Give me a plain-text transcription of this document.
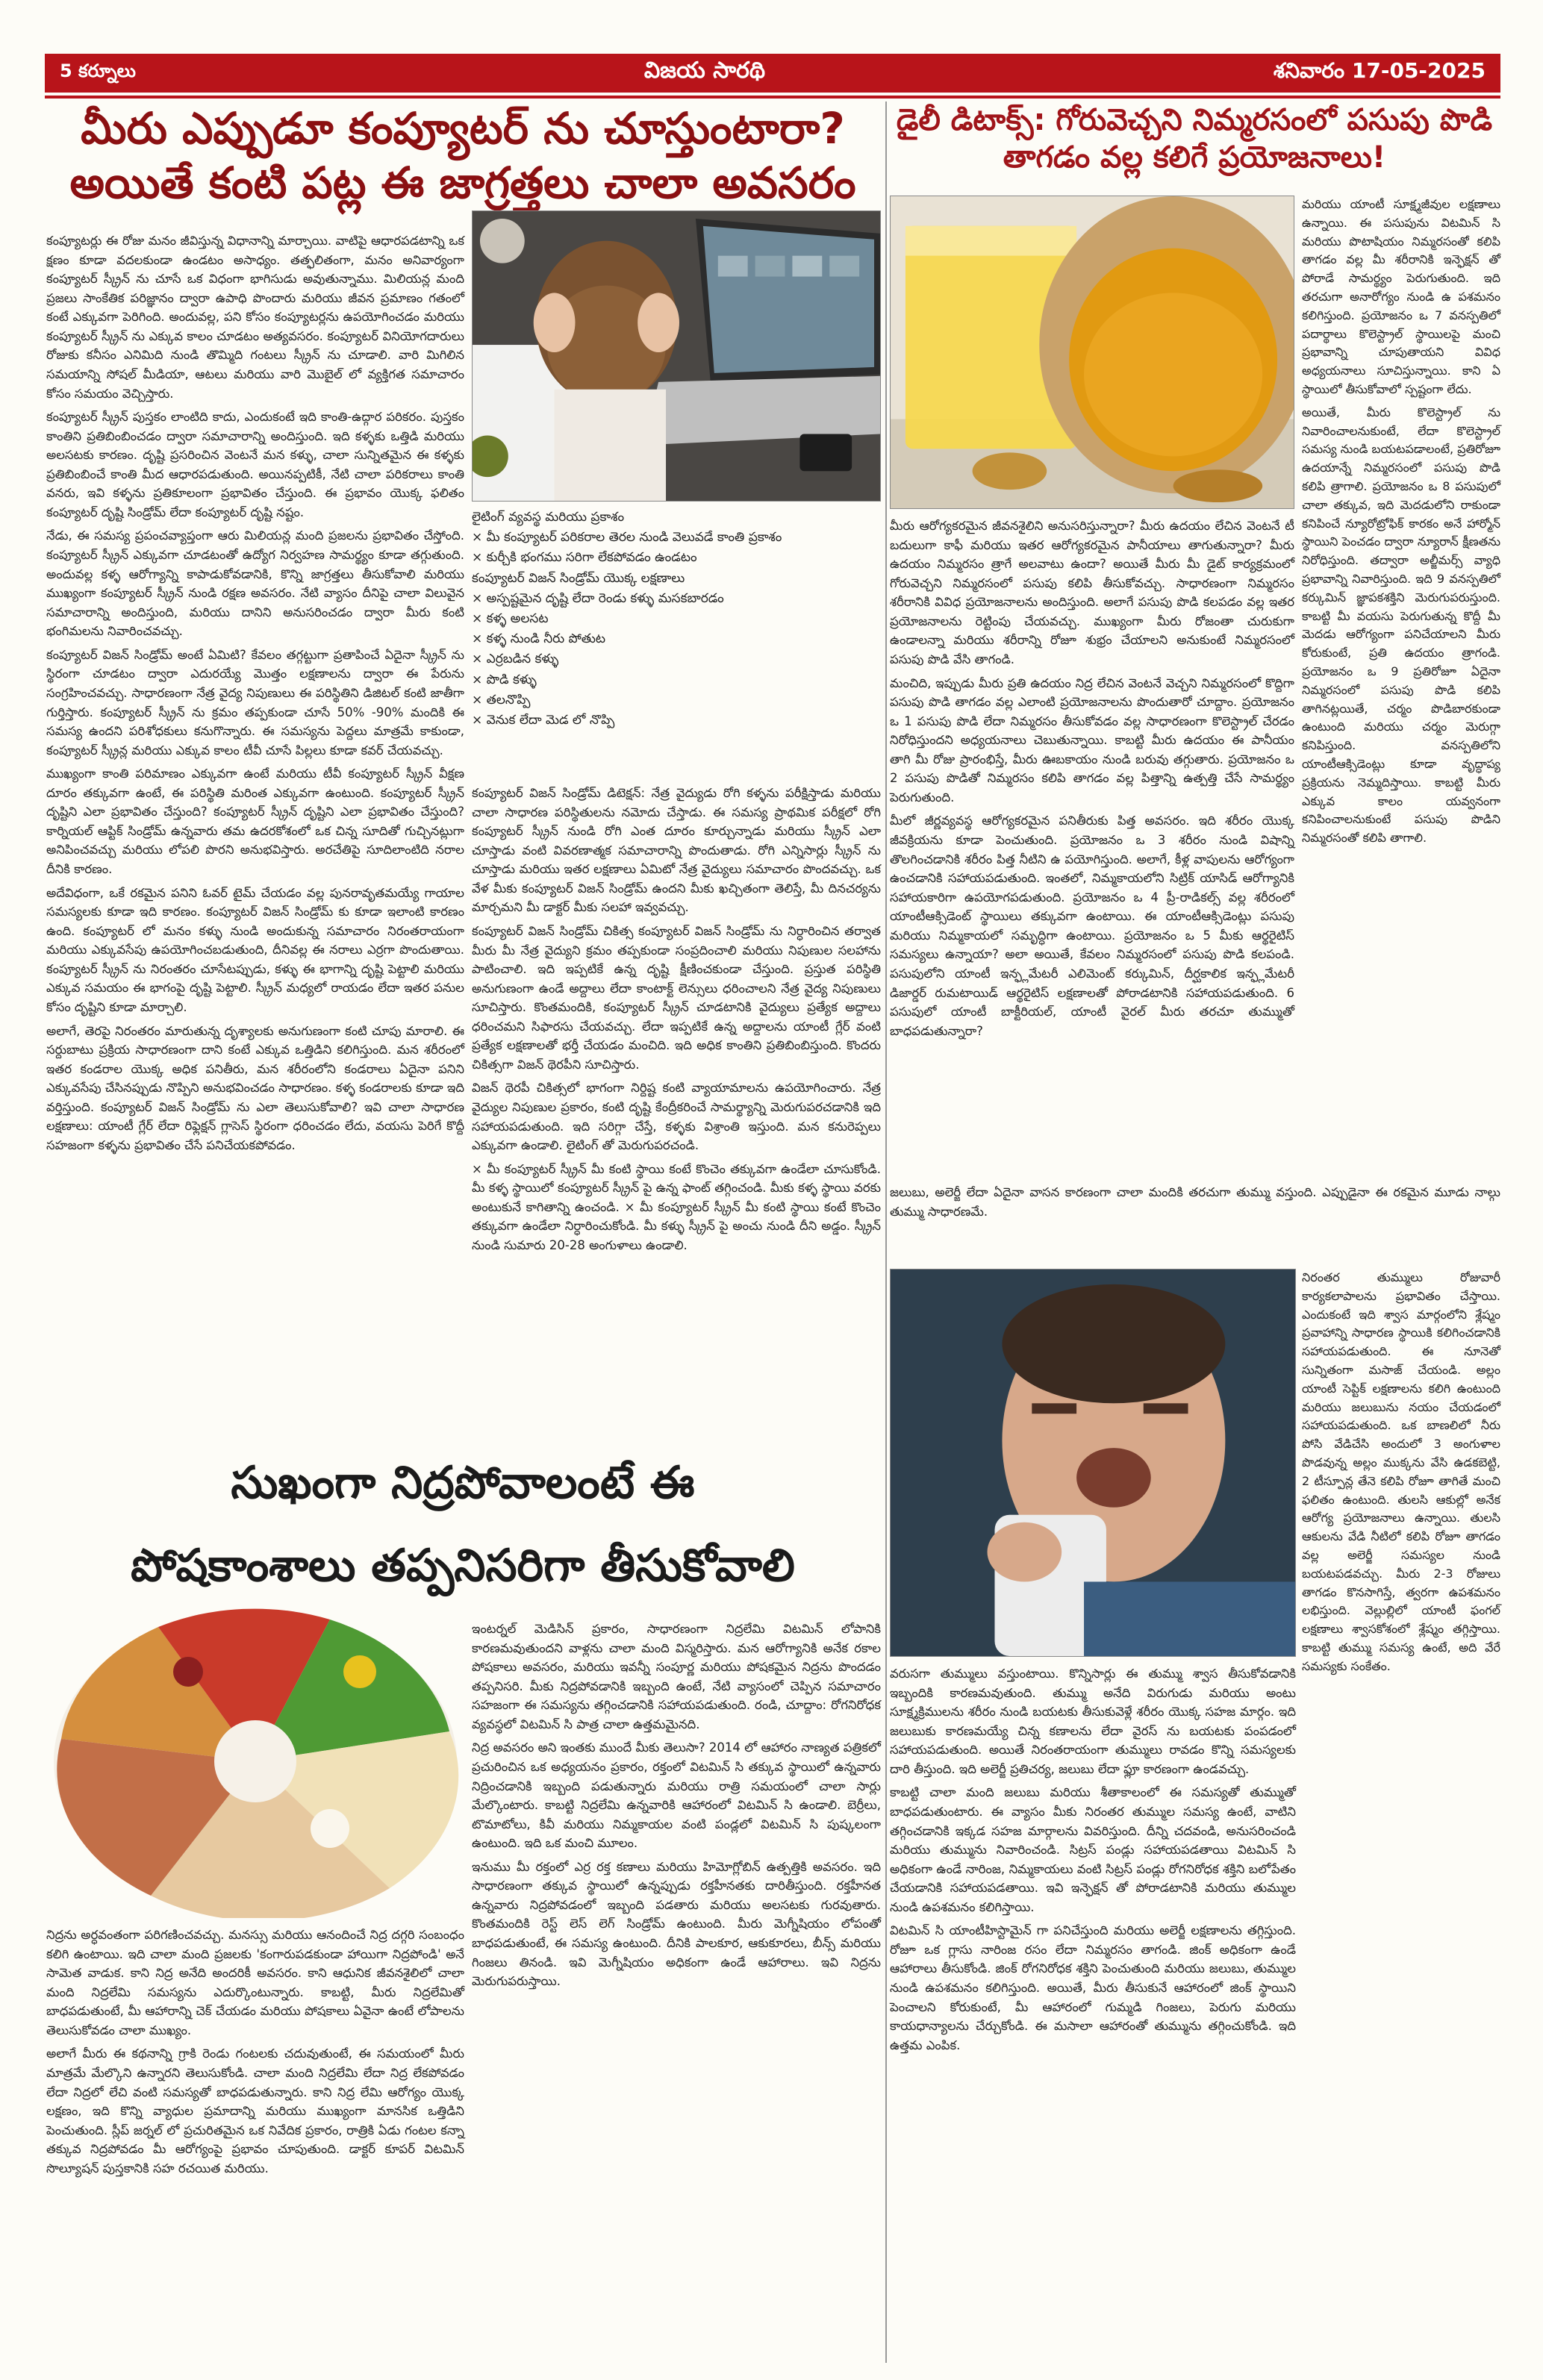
5 కర్నూలు	విజయ సారథి	శనివారం 17-05-2025
మీరు ఎప్పుడూ కంప్యూటర్ ను చూస్తుంటారా? అయితే కంటి పట్ల ఈ జాగ్రత్తలు చాలా అవసరం
డైలీ డిటాక్స్: గోరువెచ్చని నిమ్మరసంలో పసుపు పొడి తాగడం వల్ల కలిగే ప్రయోజనాలు!

కంప్యూటర్లు ఈ రోజు మనం జీవిస్తున్న విధానాన్ని మార్చాయి. వాటిపై ఆధారపడటాన్ని ఒక క్షణం కూడా వదలకుండా ఉండటం అసాధ్యం. తత్ఫలితంగా, మనం అనివార్యంగా కంప్యూటర్ స్క్రీన్ ను చూసే ఒక విధంగా భాగిసుడు అవుతున్నాము. మిలియన్ల మంది ప్రజలు సాంకేతిక పరిజ్ఞానం ద్వారా ఉపాధి పొందారు మరియు జీవన ప్రమాణం గతంలో కంటే ఎక్కువగా పెరిగింది. అందువల్ల, పని కోసం కంప్యూటర్లను ఉపయోగించడం మరియు కంప్యూటర్ స్క్రీన్ ను ఎక్కువ కాలం చూడటం అత్యవసరం. కంప్యూటర్ వినియోగదారులు రోజుకు కనీసం ఎనిమిది నుండి తొమ్మిది గంటలు స్క్రీన్ ను చూడాలి. వారి మిగిలిన సమయాన్ని సోషల్ మీడియా, ఆటలు మరియు వారి మొబైల్ లో వ్యక్తిగత సమాచారం కోసం సమయం వెచ్చిస్తారు.

కంప్యూటర్ స్క్రీన్ పుస్తకం లాంటిది కాదు, ఎందుకంటే ఇది కాంతి-ఉద్గార పరికరం. పుస్తకం కాంతిని ప్రతిబింబించడం ద్వారా సమాచారాన్ని అందిస్తుంది. ఇది కళ్ళకు ఒత్తిడి మరియు అలసటకు కారణం. దృష్టి ప్రసరించిన వెంటనే మన కళ్ళు, చాలా సున్నితమైన ఈ కళ్ళకు ప్రతిబింబించే కాంతి మీద ఆధారపడుతుంది. అయినప్పటికీ, నేటి చాలా పరికరాలు కాంతి వనరు, ఇవి కళ్ళను ప్రతికూలంగా ప్రభావితం చేస్తుంది. ఈ ప్రభావం యొక్క ఫలితం కంప్యూటర్ దృష్టి సిండ్రోమ్ లేదా కంప్యూటర్ దృష్టి నష్టం.

నేడు, ఈ సమస్య ప్రపంచవ్యాప్తంగా ఆరు మిలియన్ల మంది ప్రజలను ప్రభావితం చేస్తోంది. కంప్యూటర్ స్క్రీన్ ఎక్కువగా చూడటంతో ఉద్యోగ నిర్వహణ సామర్థ్యం కూడా తగ్గుతుంది. అందువల్ల కళ్ళ ఆరోగ్యాన్ని కాపాడుకోవడానికి, కొన్ని జాగ్రత్తలు తీసుకోవాలి మరియు ముఖ్యంగా కంప్యూటర్ స్క్రీన్ నుండి రక్షణ అవసరం. నేటి వ్యాసం దీనిపై చాలా విలువైన సమాచారాన్ని అందిస్తుంది, మరియు దానిని అనుసరించడం ద్వారా మీరు కంటి భంగిమలను నివారించవచ్చు.

కంప్యూటర్ విజన్ సిండ్రోమ్ అంటే ఏమిటి? కేవలం తగ్గట్టుగా ప్రతాపించే ఏదైనా స్క్రీన్ ను స్థిరంగా చూడటం ద్వారా ఎదురయ్యే మొత్తం లక్షణాలను ద్వారా ఈ పేరును సంగ్రహించవచ్చు. సాధారణంగా నేత్ర వైద్య నిపుణులు ఈ పరిస్థితిని డిజిటల్ కంటి జాతీగా గుర్తిస్తారు. కంప్యూటర్ స్క్రీన్ ను క్రమం తప్పకుండా చూసే 50% -90% మందికి ఈ సమస్య ఉందని పరిశోధకులు కనుగొన్నారు. ఈ సమస్యను పెద్దలు మాత్రమే కాకుండా, కంప్యూటర్ స్క్రీన్ల మరియు ఎక్కువ కాలం టీవీ చూసే పిల్లలు కూడా కవర్ చేయవచ్చు.

ముఖ్యంగా కాంతి పరిమాణం ఎక్కువగా ఉంటే మరియు టీవీ కంప్యూటర్ స్క్రీన్ వీక్షణ దూరం తక్కువగా ఉంటే, ఈ పరిస్థితి మరింత ఎక్కువగా ఉంటుంది. కంప్యూటర్ స్క్రీన్ దృష్టిని ఎలా ప్రభావితం చేస్తుంది? కంప్యూటర్ స్క్రీన్ దృష్టిని ఎలా ప్రభావితం చేస్తుంది? కార్నియల్ ఆప్టిక్ సిండ్రోమ్ ఉన్నవారు తమ ఉదరకోశంలో ఒక చిన్న సూదితో గుచ్చినట్లుగా అనిపించవచ్చు మరియు లోపలి పొరని అనుభవిస్తారు. అరచేతిపై సూదిలాంటిది నరాల దీనికి కారణం.

అదేవిధంగా, ఒకే రకమైన పనిని ఓవర్ టైమ్ చేయడం వల్ల పునరావృతమయ్యే గాయాల సమస్యలకు కూడా ఇది కారణం. కంప్యూటర్ విజన్ సిండ్రోమ్ కు కూడా ఇలాంటి కారణం ఉంది. కంప్యూటర్ లో మనం కళ్ళు నుండి అందుకున్న సమాచారం నిరంతరాయంగా మరియు ఎక్కువసేపు ఉపయోగించబడుతుంది, దీనివల్ల ఈ నరాలు ఎర్రగా పొందుతాయి. కంప్యూటర్ స్క్రీన్ ను నిరంతరం చూసేటప్పుడు, కళ్ళు ఈ భాగాన్ని దృష్టి పెట్టాలి మరియు ఎక్కువ సమయం ఈ భాగంపై దృష్టి పెట్టాలి. స్క్రీన్ మధ్యలో రాయడం లేదా ఇతర పనుల కోసం దృష్టిని కూడా మార్చాలి.

అలాగే, తెరపై నిరంతరం మారుతున్న దృశ్యాలకు అనుగుణంగా కంటి చూపు మారాలి. ఈ సర్దుబాటు ప్రక్రియ సాధారణంగా దాని కంటే ఎక్కువ ఒత్తిడిని కలిగిస్తుంది. మన శరీరంలో ఇతర కండరాల యొక్క అధిక పనితీరు, మన శరీరంలోని కండరాలు ఏదైనా పనిని ఎక్కువసేపు చేసినప్పుడు నొప్పిని అనుభవించడం సాధారణం. కళ్ళ కండరాలకు కూడా ఇది వర్తిస్తుంది. కంప్యూటర్ విజన్ సిండ్రోమ్ ను ఎలా తెలుసుకోవాలి? ఇవి చాలా సాధారణ లక్షణాలు: యాంటీ గ్లేర్ లేదా రిఫ్లెక్షన్ గ్లాసెస్ స్థిరంగా ధరించడం లేదు, వయసు పెరిగే కొద్దీ సహజంగా కళ్ళను ప్రభావితం చేసే పనిచేయకపోవడం.

లైటింగ్ వ్యవస్థ మరియు ప్రకాశం
× మీ కంప్యూటర్ పరికరాల తెరల నుండి వెలువడే కాంతి ప్రకాశం
× కుర్చీకి భంగము సరిగా లేకపోవడం ఉండటం
కంప్యూటర్ విజన్ సిండ్రోమ్ యొక్క లక్షణాలు
× అస్పష్టమైన దృష్టి లేదా రెండు కళ్ళు మసకబారడం
× కళ్ళ అలసట
× కళ్ళ నుండి నీరు పోతుట
× ఎర్రబడిన కళ్ళు
× పొడి కళ్ళు
× తలనొప్పి
× వెనుక లేదా మెడ లో నొప్పి

కంప్యూటర్ విజన్ సిండ్రోమ్ డిటెక్షన్: నేత్ర వైద్యుడు రోగి కళ్ళను పరీక్షిస్తాడు మరియు చాలా సాధారణ పరిస్థితులను నమోదు చేస్తాడు. ఈ సమస్య ప్రాథమిక పరీక్షలో రోగి కంప్యూటర్ స్క్రీన్ నుండి రోగి ఎంత దూరం కూర్చున్నాడు మరియు స్క్రీన్ ఎలా చూస్తాడు వంటి వివరణాత్మక సమాచారాన్ని పొందుతాడు. రోగి ఎన్నిసార్లు స్క్రీన్ ను చూస్తాడు మరియు ఇతర లక్షణాలు ఏమిటో నేత్ర వైద్యులు సమాచారం పొందవచ్చు. ఒక వేళ మీకు కంప్యూటర్ విజన్ సిండ్రోమ్ ఉందని మీకు ఖచ్చితంగా తెలిస్తే, మీ దినచర్యను మార్చమని మీ డాక్టర్ మీకు సలహా ఇవ్వవచ్చు.

కంప్యూటర్ విజన్ సిండ్రోమ్ చికిత్స కంప్యూటర్ విజన్ సిండ్రోమ్ ను నిర్ధారించిన తర్వాత మీరు మీ నేత్ర వైద్యుని క్రమం తప్పకుండా సంప్రదించాలి మరియు నిపుణుల సలహాను పాటించాలి. ఇది ఇప్పటికే ఉన్న దృష్టి క్షీణించకుండా చేస్తుంది. ప్రస్తుత పరిస్థితి అనుగుణంగా ఉండే అద్దాలు లేదా కాంటాక్ట్ లెన్సులు ధరించాలని నేత్ర వైద్య నిపుణులు సూచిస్తారు. కొంతమందికి, కంప్యూటర్ స్క్రీన్ చూడటానికి వైద్యులు ప్రత్యేక అద్దాలు ధరించమని సిఫారసు చేయవచ్చు. లేదా ఇప్పటికే ఉన్న అద్దాలను యాంటీ గ్లేర్ వంటి ప్రత్యేక లక్షణాలతో భర్తీ చేయడం మంచిది. ఇది అధిక కాంతిని ప్రతిబింబిస్తుంది. కొందరు చికిత్సగా విజన్ థెరపీని సూచిస్తారు.

విజన్ థెరపీ చికిత్సలో భాగంగా నిర్దిష్ట కంటి వ్యాయామాలను ఉపయోగించారు. నేత్ర వైద్యుల నిపుణుల ప్రకారం, కంటి దృష్టి కేంద్రీకరించే సామర్థ్యాన్ని మెరుగుపరచడానికి ఇది సహాయపడుతుంది. ఇది సరిగ్గా చేస్తే, కళ్ళకు విశ్రాంతి ఇస్తుంది. మన కనురెప్పలు ఎక్కువగా ఉండాలి. లైటింగ్ తో మెరుగుపరచండి.

× మీ కంప్యూటర్ స్క్రీన్ మీ కంటి స్థాయి కంటే కొంచెం తక్కువగా ఉండేలా చూసుకోండి. మీ కళ్ళ స్థాయిలో కంప్యూటర్ స్క్రీన్ పై ఉన్న ఫాంట్ తగ్గించండి. మీకు కళ్ళ స్థాయి వరకు అంటుకునే కాగితాన్ని ఉంచండి. × మీ కంప్యూటర్ స్క్రీన్ మీ కంటి స్థాయి కంటే కొంచెం తక్కువగా ఉండేలా నిర్ధారించుకోండి. మీ కళ్ళు స్క్రీన్ పై అంచు నుండి దీని అడ్డం. స్క్రీన్ నుండి సుమారు 20-28 అంగుళాలు ఉండాలి.

మీరు ఆరోగ్యకరమైన జీవనశైలిని అనుసరిస్తున్నారా? మీరు ఉదయం లేచిన వెంటనే టీ బదులుగా కాఫీ మరియు ఇతర ఆరోగ్యకరమైన పానీయాలు తాగుతున్నారా? మీరు ఉదయం నిమ్మరసం త్రాగే అలవాటు ఉందా? అయితే మీరు మీ డైట్ కార్యక్రమంలో గోరువెచ్చని నిమ్మరసంలో పసుపు కలిపి తీసుకోవచ్చు. సాధారణంగా నిమ్మరసం శరీరానికి వివిధ ప్రయోజనాలను అందిస్తుంది. అలాగే పసుపు పొడి కలపడం వల్ల ఇతర ప్రయోజనాలను రెట్టింపు చేయవచ్చు. ముఖ్యంగా మీరు రోజంతా చురుకుగా ఉండాలన్నా మరియు శరీరాన్ని రోజూ శుభ్రం చేయాలని అనుకుంటే నిమ్మరసంలో పసుపు పొడి వేసి తాగండి.

మంచిది, ఇప్పుడు మీరు ప్రతి ఉదయం నిద్ర లేచిన వెంటనే వెచ్చని నిమ్మరసంలో కొద్దిగా పసుపు పొడి తాగడం వల్ల ఎలాంటి ప్రయోజనాలను పొందుతారో చూద్దాం. ప్రయోజనం ఒ 1 పసుపు పొడి లేదా నిమ్మరసం తీసుకోవడం వల్ల సాధారణంగా కొలెస్ట్రాల్ చేరడం నిరోధిస్తుందని అధ్యయనాలు చెబుతున్నాయి. కాబట్టి మీరు ఉదయం ఈ పానీయం తాగి మీ రోజు ప్రారంభిస్తే, మీరు ఊబకాయం నుండి బరువు తగ్గుతారు. ప్రయోజనం ఒ 2 పసుపు పొడితో నిమ్మరసం కలిపి తాగడం వల్ల పిత్తాన్ని ఉత్పత్తి చేసే సామర్థ్యం పెరుగుతుంది.

మీలో జీర్ణవ్యవస్థ ఆరోగ్యకరమైన పనితీరుకు పిత్త అవసరం. ఇది శరీరం యొక్క జీవక్రియను కూడా పెంచుతుంది. ప్రయోజనం ఒ 3 శరీరం నుండి విషాన్ని తొలగించడానికి శరీరం పిత్త నీటిని ఉ పయోగిస్తుంది. అలాగే, కీళ్ల వాపులను ఆరోగ్యంగా ఉంచడానికి సహాయపడుతుంది. ఇంతలో, నిమ్మకాయలోని సిట్రిక్ యాసిడ్ ఆరోగ్యానికి సహాయకారిగా ఉపయోగపడుతుంది. ప్రయోజనం ఒ 4 ప్రీ-రాడికల్స్ వల్ల శరీరంలో యాంటీఆక్సిడెంట్ స్థాయిలు తక్కువగా ఉంటాయి. ఈ యాంటీఆక్సిడెంట్లు పసుపు మరియు నిమ్మకాయలో సమృద్ధిగా ఉంటాయి. ప్రయోజనం ఒ 5 మీకు ఆర్థరైటిస్ సమస్యలు ఉన్నాయా? అలా అయితే, కేవలం నిమ్మరసంలో పసుపు పొడి కలపండి. పసుపులోని యాంటీ ఇన్ఫ్లమేటరీ ఎలిమెంట్ కర్కుమిన్, దీర్ఘకాలిక ఇన్ఫ్లమేటరీ డిజార్డర్ రుమటాయిడ్ ఆర్థరైటిస్ లక్షణాలతో పోరాడటానికి సహాయపడుతుంది. 6 పసుపులో యాంటీ బాక్టీరియల్, యాంటీ వైరల్ మీరు తరచూ తుమ్ముతో బాధపడుతున్నారా?

మరియు యాంటీ సూక్ష్మజీవుల లక్షణాలు ఉన్నాయి. ఈ పసుపును విటమిన్ సి మరియు పొటాషియం నిమ్మరసంతో కలిపి తాగడం వల్ల మీ శరీరానికి ఇన్ఫెక్షన్ తో పోరాడే సామర్థ్యం పెరుగుతుంది. ఇది తరచుగా అనారోగ్యం నుండి ఉ పశమనం కలిగిస్తుంది. ప్రయోజనం ఒ 7 వనస్పతిలో పదార్థాలు కొలెస్ట్రాల్ స్థాయిలపై మంచి ప్రభావాన్ని చూపుతాయని వివిధ అధ్యయనాలు సూచిస్తున్నాయి. కాని ఏ స్థాయిలో తీసుకోవాలో స్పష్టంగా లేదు.

అయితే, మీరు కొలెస్ట్రాల్ ను నివారించాలనుకుంటే, లేదా కొలెస్ట్రాల్ సమస్య నుండి బయటపడాలంటే, ప్రతిరోజూ ఉదయాన్నే నిమ్మరసంలో పసుపు పొడి కలిపి త్రాగాలి. ప్రయోజనం ఒ 8 పసుపులో చాలా తక్కువ, ఇది మెదడులోని రాకుండా కనిపించే న్యూరోట్రోఫిక్ కారకం అనే హార్మోన్ స్థాయిని పెంచడం ద్వారా న్యూరాన్ క్షీణతను నిరోధిస్తుంది. తద్వారా అల్జీమర్స్ వ్యాధి ప్రభావాన్ని నివారిస్తుంది. ఇది 9 వనస్పతిలో కర్కుమిన్ జ్ఞాపకశక్తిని మెరుగుపరుస్తుంది. కాబట్టి మీ వయసు పెరుగుతున్న కొద్దీ మీ మెదడు ఆరోగ్యంగా పనిచేయాలని మీరు కోరుకుంటే, ప్రతి ఉదయం త్రాగండి. ప్రయోజనం ఒ 9 ప్రతిరోజూ ఏదైనా నిమ్మరసంలో పసుపు పొడి కలిపి తాగినట్లయితే, చర్మం పొడిబారకుండా ఉంటుంది మరియు చర్మం మెరుగ్గా కనిపిస్తుంది. వనస్పతిలోని యాంటీఆక్సిడెంట్లు కూడా వృద్ధాప్య ప్రక్రియను నెమ్మదిస్తాయి. కాబట్టి మీరు ఎక్కువ కాలం యవ్వనంగా కనిపించాలనుకుంటే పసుపు పొడిని నిమ్మరసంతో కలిపి తాగాలి.

జలుబు, అలెర్జీ లేదా ఏదైనా వాసన కారణంగా చాలా మందికి తరచుగా తుమ్ము వస్తుంది. ఎప్పుడైనా ఈ రకమైన మూడు నాల్గు తుమ్ము సాధారణమే.

నిరంతర తుమ్ములు రోజువారీ కార్యకలాపాలను ప్రభావితం చేస్తాయి. ఎందుకంటే ఇది శ్వాస మార్గంలోని శ్లేష్మం ప్రవాహాన్ని సాధారణ స్థాయికి కలిగించడానికి సహాయపడుతుంది. ఈ నూనెతో సున్నితంగా మసాజ్ చేయండి. అల్లం యాంటీ సెప్టిక్ లక్షణాలను కలిగి ఉంటుంది మరియు జలుబును నయం చేయడంలో సహాయపడుతుంది. ఒక బాణలిలో నీరు పోసి వేడిచేసి అందులో 3 అంగుళాల పొడవున్న అల్లం ముక్కను వేసి ఉడకబెట్టి, 2 టీస్పూన్ల తేనె కలిపి రోజూ తాగితే మంచి ఫలితం ఉంటుంది. తులసి ఆకుల్లో అనేక ఆరోగ్య ప్రయోజనాలు ఉన్నాయి. తులసి ఆకులను వేడి నీటిలో కలిపి రోజూ తాగడం వల్ల అలెర్జీ సమస్యల నుండి బయటపడవచ్చు. మీరు 2-3 రోజులు తాగడం కొనసాగిస్తే, త్వరగా ఉపశమనం లభిస్తుంది. వెల్లుల్లిలో యాంటీ ఫంగల్ లక్షణాలు శ్వాసకోశంలో శ్లేష్మం తగ్గిస్తాయి. కాబట్టి తుమ్ము సమస్య ఉంటే, అది వేరే సమస్యకు సంకేతం.

వరుసగా తుమ్ములు వస్తుంటాయి. కొన్నిసార్లు ఈ తుమ్ము శ్వాస తీసుకోవడానికి ఇబ్బందికి కారణమవుతుంది. తుమ్ము అనేది విరుగుడు మరియు అంటు సూక్ష్మక్రిములను శరీరం నుండి బయటకు తీసుకువెళ్లే శరీరం యొక్క సహజ మార్గం. ఇది జలుబుకు కారణమయ్యే చిన్న కణాలను లేదా వైరస్ ను బయటకు పంపడంలో సహాయపడుతుంది. అయితే నిరంతరాయంగా తుమ్ములు రావడం కొన్ని సమస్యలకు దారి తీస్తుంది. ఇది అలెర్జీ ప్రతిచర్య, జలుబు లేదా ఫ్లూ కారణంగా ఉండవచ్చు.

కాబట్టి చాలా మంది జలుబు మరియు శీతాకాలంలో ఈ సమస్యతో తుమ్ముతో బాధపడుతుంటారు. ఈ వ్యాసం మీకు నిరంతర తుమ్ముల సమస్య ఉంటే, వాటిని తగ్గించడానికి ఇక్కడ సహజ మార్గాలను వివరిస్తుంది. దీన్ని చదవండి, అనుసరించండి మరియు తుమ్మును నివారించండి. సిట్రస్ పండ్లు సహాయపడతాయి విటమిన్ సి అధికంగా ఉండే నారింజ, నిమ్మకాయలు వంటి సిట్రస్ పండ్లు రోగనిరోధక శక్తిని బలోపేతం చేయడానికి సహాయపడతాయి. ఇవి ఇన్ఫెక్షన్ తో పోరాడటానికి మరియు తుమ్ముల నుండి ఉపశమనం కలిగిస్తాయి.

విటమిన్ సి యాంటీహిస్టామైన్ గా పనిచేస్తుంది మరియు అలెర్జీ లక్షణాలను తగ్గిస్తుంది. రోజూ ఒక గ్లాసు నారింజ రసం లేదా నిమ్మరసం తాగండి. జింక్ అధికంగా ఉండే ఆహారాలు తీసుకోండి. జింక్ రోగనిరోధక శక్తిని పెంచుతుంది మరియు జలుబు, తుమ్ముల నుండి ఉపశమనం కలిగిస్తుంది. అయితే, మీరు తీసుకునే ఆహారంలో జింక్ స్థాయిని పెంచాలని కోరుకుంటే, మీ ఆహారంలో గుమ్మడి గింజలు, పెరుగు మరియు కాయధాన్యాలను చేర్చుకోండి. ఈ మసాలా ఆహారంతో తుమ్మును తగ్గించుకోండి. ఇది ఉత్తమ ఎంపిక.

సుఖంగా నిద్రపోవాలంటే ఈ
పోషకాంశాలు తప్పనిసరిగా తీసుకోవాలి

నిద్రను అర్ధవంతంగా పరిగణించవచ్చు. మనస్సు మరియు ఆనందించే నిద్ర దగ్గరి సంబంధం కలిగి ఉంటాయి. ఇది చాలా మంది ప్రజలకు 'కంగారుపడకుండా హాయిగా నిద్రపోండి' అనే సామెత వాడుక. కాని నిద్ర అనేది అందరికీ అవసరం. కాని ఆధునిక జీవనశైలిలో చాలా మంది నిద్రలేమి సమస్యను ఎదుర్కొంటున్నారు. కాబట్టి, మీరు నిద్రలేమితో బాధపడుతుంటే, మీ ఆహారాన్ని చెక్ చేయడం మరియు పోషకాలు ఏవైనా ఉంటే లోపాలను తెలుసుకోవడం చాలా ముఖ్యం.

అలాగే మీరు ఈ కథనాన్ని గ్రాకి రెండు గంటలకు చదువుతుంటే, ఈ సమయంలో మీరు మాత్రమే మేల్కొని ఉన్నారని తెలుసుకోండి. చాలా మంది నిద్రలేమి లేదా నిద్ర లేకపోవడం లేదా నిద్రలో లేచి వంటి సమస్యతో బాధపడుతున్నారు. కాని నిద్ర లేమి ఆరోగ్యం యొక్క లక్షణం, ఇది కొన్ని వ్యాధుల ప్రమాదాన్ని మరియు ముఖ్యంగా మానసిక ఒత్తిడిని పెంచుతుంది. స్లీప్ జర్నల్ లో ప్రచురితమైన ఒక నివేదిక ప్రకారం, రాత్రికి ఏడు గంటల కన్నా తక్కువ నిద్రపోవడం మీ ఆరోగ్యంపై ప్రభావం చూపుతుంది. డాక్టర్ కూపర్ విటమిన్ సొల్యూషన్ పుస్తకానికి సహ రచయిత మరియు.

ఇంటర్నల్ మెడిసిన్ ప్రకారం, సాధారణంగా నిద్రలేమి విటమిన్ లోపానికి కారణమవుతుందని వాళ్లను చాలా మంది విస్మరిస్తారు. మన ఆరోగ్యానికి అనేక రకాల పోషకాలు అవసరం, మరియు ఇవన్నీ సంపూర్ణ మరియు పోషకమైన నిద్రను పొందడం తప్పనిసరి. మీకు నిద్రపోవడానికి ఇబ్బంది ఉంటే, నేటి వ్యాసంలో చెప్పిన సమాచారం సహజంగా ఈ సమస్యను తగ్గించడానికి సహాయపడుతుంది. రండి, చూద్దాం: రోగనిరోధక వ్యవస్థలో విటమిన్ సి పాత్ర చాలా ఉత్తమమైనది.

నిద్ర అవసరం అని ఇంతకు ముందే మీకు తెలుసా? 2014 లో ఆహారం నాణ్యత పత్రికలో ప్రచురించిన ఒక అధ్యయనం ప్రకారం, రక్తంలో విటమిన్ సి తక్కువ స్థాయిలో ఉన్నవారు నిద్రించడానికి ఇబ్బంది పడుతున్నారు మరియు రాత్రి సమయంలో చాలా సార్లు మేల్కొంటారు. కాబట్టి నిద్రలేమి ఉన్నవారికి ఆహారంలో విటమిన్ సి ఉండాలి. బెర్రీలు, టొమాటోలు, కివీ మరియు నిమ్మకాయల వంటి పండ్లలో విటమిన్ సి పుష్కలంగా ఉంటుంది. ఇది ఒక మంచి మూలం.

ఇనుము మీ రక్తంలో ఎర్ర రక్త కణాలు మరియు హిమోగ్లోబిన్ ఉత్పత్తికి అవసరం. ఇది సాధారణంగా తక్కువ స్థాయిలో ఉన్నప్పుడు రక్తహీనతకు దారితీస్తుంది. రక్తహీనత ఉన్నవారు నిద్రపోవడంలో ఇబ్బంది పడతారు మరియు అలసటకు గురవుతారు. కొంతమందికి రెస్ట్ లెస్ లెగ్ సిండ్రోమ్ ఉంటుంది. మీరు మెగ్నీషియం లోపంతో బాధపడుతుంటే, ఈ సమస్య ఉంటుంది. దీనికి పాలకూర, ఆకుకూరలు, బీన్స్ మరియు గింజలు తినండి. ఇవి మెగ్నీషియం అధికంగా ఉండే ఆహారాలు. ఇవి నిద్రను మెరుగుపరుస్తాయి.
